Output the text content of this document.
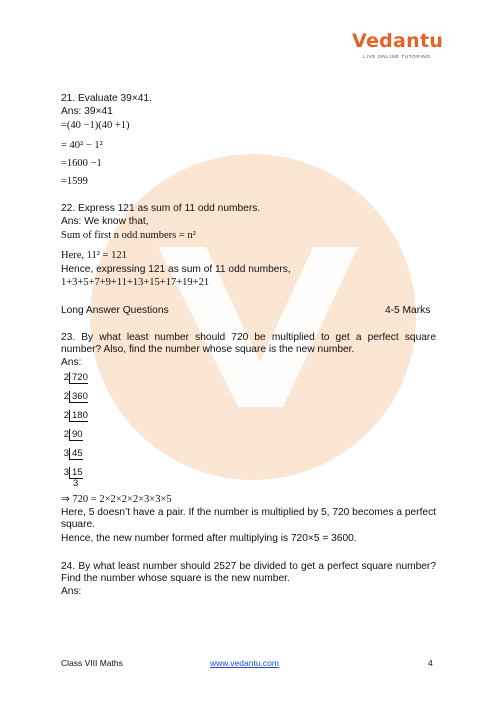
Vedantu
LIVE ONLINE TUTORING
21. Evaluate 39×41.
Ans: 39×41
=(40 −1)(40 +1)
= 40² − 1²
=1600 −1
=1599
22. Express 121 as sum of 11 odd numbers.
Ans: We know that,
Sum of first n odd numbers = n²
Here, 11² = 121
Hence, expressing 121 as sum of 11 odd numbers,
1+3+5+7+9+11+13+15+17+19+21
Long Answer Questions	4-5 Marks
23. By what least number should 720 be multiplied to get a perfect square number? Also, find the number whose square is the new number.
Ans:
2 720
2 360
2 180
2 90
3 45
3 15
3
⇒ 720 = 2×2×2×2×3×3×5
Here, 5 doesn’t have a pair. If the number is multiplied by 5, 720 becomes a perfect square.
Hence, the new number formed after multiplying is 720×5 = 3600.
24. By what least number should 2527 be divided to get a perfect square number? Find the number whose square is the new number.
Ans:
Class VIII Maths	www.vedantu.com	4
